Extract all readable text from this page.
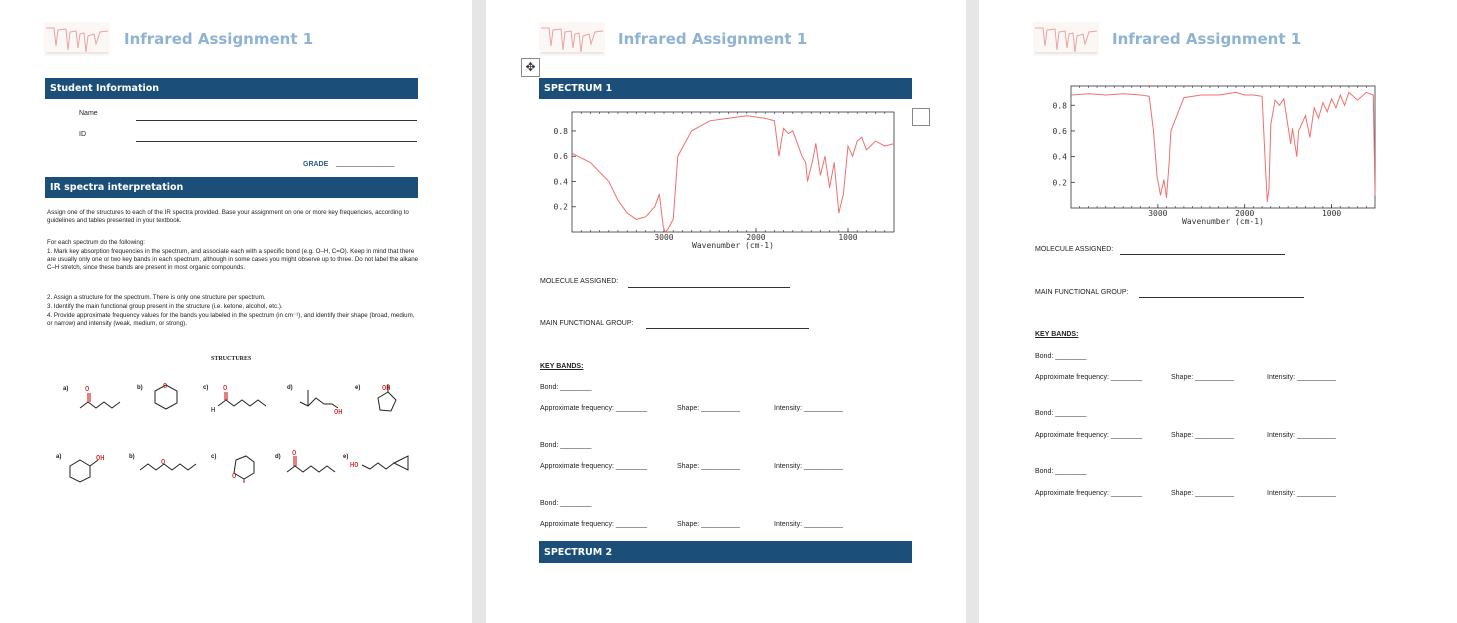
Infrared Assignment 1
Student Information
Name
ID
GRADE _______________
IR spectra interpretation
Assign one of the structures to each of the IR spectra provided. Base your assignment on one or more key frequencies, according to guidelines and tables presented in your textbook.
For each spectrum do the following:
1. Mark key absorption frequencies in the spectrum, and associate each with a specific bond (e.g. O–H, C=O). Keep in mind that there are usually only one or two key bands in each spectrum, although in some cases you might observe up to three. Do not label the alkane C–H stretch, since these bands are present in most organic compounds.
2. Assign a structure for the spectrum. There is only one structure per spectrum.
3. Identify the main functional group present in the structure (i.e. ketone, alcohol, etc.).
4. Provide approximate frequency values for the bands you labeled in the spectrum (in cm⁻¹), and identify their shape (broad, medium, or narrow) and intensity (weak, medium, or strong).
STRUCTURES
a)	b)	c)	d)	e)
O	O	O
H	OH
OH
a)	b)	c)	d)	e)
OH	O
O
O
HO
Infrared Assignment 1
✥
SPECTRUM 1
3000	2000	1000
0.2
0.4
0.6
0.8
Wavenumber (cm-1)
MOLECULE ASSIGNED:
MAIN FUNCTIONAL GROUP:
KEY BANDS:
Bond: ________
Approximate frequency: ________	Shape: __________	Intensity: __________
Bond: ________
Approximate frequency: ________	Shape: __________	Intensity: __________
Bond: ________
Approximate frequency: ________	Shape: __________	Intensity: __________
SPECTRUM 2
Infrared Assignment 1
3000	2000	1000
0.2
0.4
0.6
0.8
Wavenumber (cm-1)
MOLECULE ASSIGNED:
MAIN FUNCTIONAL GROUP:
KEY BANDS:
Bond: ________
Approximate frequency: ________	Shape: __________	Intensity: __________
Bond: ________
Approximate frequency: ________	Shape: __________	Intensity: __________
Bond: ________
Approximate frequency: ________	Shape: __________	Intensity: __________
